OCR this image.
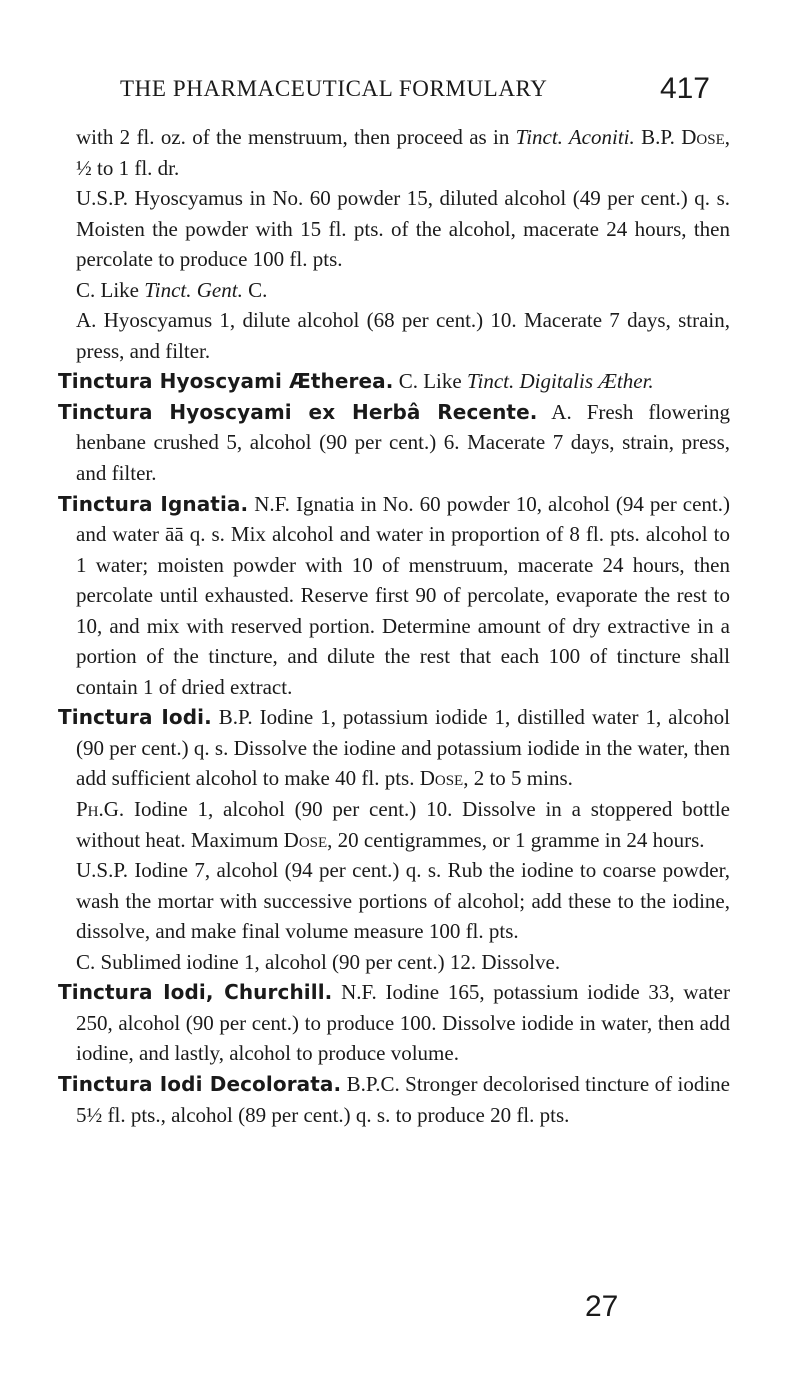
THE PHARMACEUTICAL FORMULARY	417

with 2 fl. oz. of the menstruum, then proceed as in Tinct. Aconiti. B.P. Dose, ½ to 1 fl. dr.

U.S.P. Hyoscyamus in No. 60 powder 15, diluted alcohol (49 per cent.) q. s. Moisten the powder with 15 fl. pts. of the alcohol, macerate 24 hours, then percolate to produce 100 fl. pts.

C. Like Tinct. Gent. C.

A. Hyoscyamus 1, dilute alcohol (68 per cent.) 10. Macerate 7 days, strain, press, and filter.

Tinctura Hyoscyami Ætherea. C. Like Tinct. Digitalis Æther.

Tinctura Hyoscyami ex Herbâ Recente. A. Fresh flowering henbane crushed 5, alcohol (90 per cent.) 6. Macerate 7 days, strain, press, and filter.

Tinctura Ignatia. N.F. Ignatia in No. 60 powder 10, alcohol (94 per cent.) and water āā q. s. Mix alcohol and water in proportion of 8 fl. pts. alcohol to 1 water; moisten powder with 10 of menstruum, macerate 24 hours, then percolate until exhausted. Reserve first 90 of percolate, evaporate the rest to 10, and mix with reserved portion. Determine amount of dry extractive in a portion of the tincture, and dilute the rest that each 100 of tincture shall contain 1 of dried extract.

Tinctura Iodi. B.P. Iodine 1, potassium iodide 1, distilled water 1, alcohol (90 per cent.) q. s. Dissolve the iodine and potassium iodide in the water, then add sufficient alcohol to make 40 fl. pts. Dose, 2 to 5 mins.

Ph.G. Iodine 1, alcohol (90 per cent.) 10. Dissolve in a stoppered bottle without heat. Maximum Dose, 20 centigrammes, or 1 gramme in 24 hours.

U.S.P. Iodine 7, alcohol (94 per cent.) q. s. Rub the iodine to coarse powder, wash the mortar with successive portions of alcohol; add these to the iodine, dissolve, and make final volume measure 100 fl. pts.

C. Sublimed iodine 1, alcohol (90 per cent.) 12. Dissolve.

Tinctura Iodi, Churchill. N.F. Iodine 165, potassium iodide 33, water 250, alcohol (90 per cent.) to produce 100. Dissolve iodide in water, then add iodine, and lastly, alcohol to produce volume.

Tinctura Iodi Decolorata. B.P.C. Stronger decolorised tincture of iodine 5½ fl. pts., alcohol (89 per cent.) q. s. to produce 20 fl. pts.

27
